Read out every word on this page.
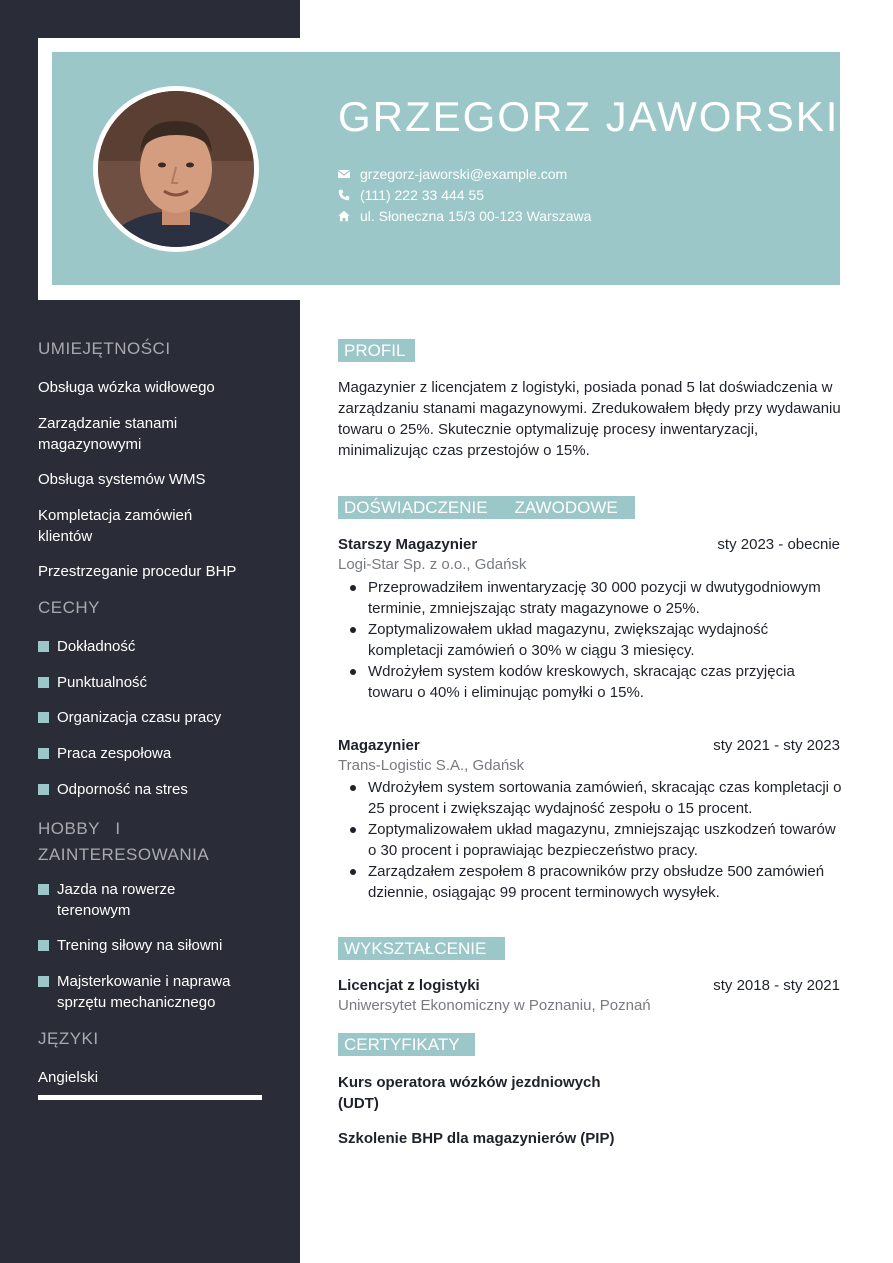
GRZEGORZ JAWORSKI
grzegorz-jaworski@example.com
(111) 222 33 444 55
ul. Słoneczna 15/3 00-123 Warszawa
UMIEJĘTNOŚCI
Obsługa wózka widłowego
Zarządzanie stanami magazynowymi
Obsługa systemów WMS
Kompletacja zamówień klientów
Przestrzeganie procedur BHP
CECHY
Dokładność
Punktualność
Organizacja czasu pracy
Praca zespołowa
Odporność na stres
HOBBY   I ZAINTERESOWANIA
Jazda na rowerze terenowym
Trening siłowy na siłowni
Majsterkowanie i naprawa sprzętu mechanicznego
JĘZYKI
Angielski
PROFIL
Magazynier z licencjatem z logistyki, posiada ponad 5 lat doświadczenia w zarządzaniu stanami magazynowymi. Zredukowałem błędy przy wydawaniu towaru o 25%. Skutecznie optymalizuję procesy inwentaryzacji, minimalizując czas przestojów o 15%.
DOŚWIADCZENIE    ZAWODOWE
Starszy Magazynier	sty 2023 - obecnie
Logi-Star Sp. z o.o., Gdańsk
Przeprowadziłem inwentaryzację 30 000 pozycji w dwutygodniowym terminie, zmniejszając straty magazynowe o 25%.
Zoptymalizowałem układ magazynu, zwiększając wydajność kompletacji zamówień o 30% w ciągu 3 miesięcy.
Wdrożyłem system kodów kreskowych, skracając czas przyjęcia towaru o 40% i eliminując pomyłki o 15%.
Magazynier	sty 2021 - sty 2023
Trans-Logistic S.A., Gdańsk
Wdrożyłem system sortowania zamówień, skracając czas kompletacji o 25 procent i zwiększając wydajność zespołu o 15 procent.
Zoptymalizowałem układ magazynu, zmniejszając uszkodzeń towarów o 30 procent i poprawiając bezpieczeństwo pracy.
Zarządzałem zespołem 8 pracowników przy obsłudze 500 zamówień dziennie, osiągając 99 procent terminowych wysyłek.
WYKSZTAŁCENIE
Licencjat z logistyki	sty 2018 - sty 2021
Uniwersytet Ekonomiczny w Poznaniu, Poznań
CERTYFIKATY
Kurs operatora wózków jezdniowych (UDT)
Szkolenie BHP dla magazynierów (PIP)
